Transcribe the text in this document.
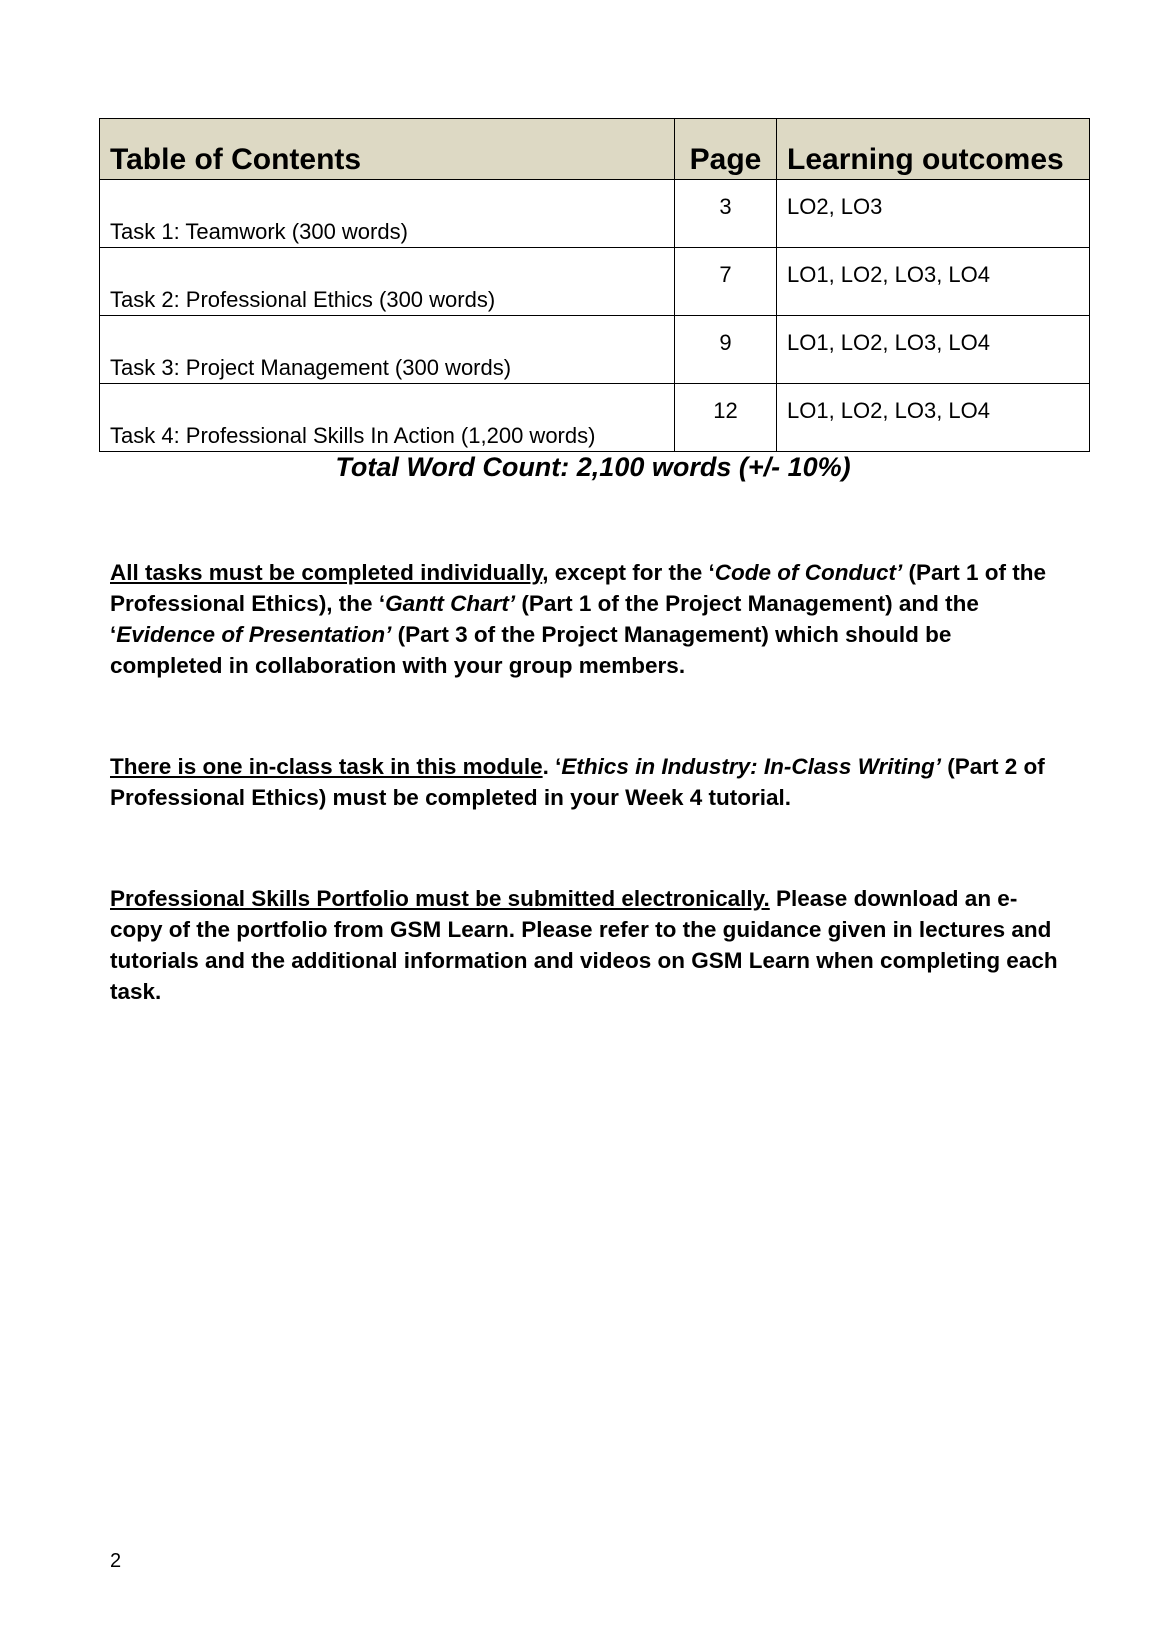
Table of Contents	Page	Learning outcomes
Task 1: Teamwork (300 words)	3	LO2, LO3
Task 2: Professional Ethics (300 words)	7	LO1, LO2, LO3, LO4
Task 3: Project Management (300 words)	9	LO1, LO2, LO3, LO4
Task 4: Professional Skills In Action (1,200 words)	12	LO1, LO2, LO3, LO4
Total Word Count: 2,100 words (+/- 10%)

All tasks must be completed individually, except for the ‘Code of Conduct’ (Part 1 of the Professional Ethics), the ‘Gantt Chart’ (Part 1 of the Project Management) and the ‘Evidence of Presentation’ (Part 3 of the Project Management) which should be completed in collaboration with your group members.

There is one in-class task in this module. ‘Ethics in Industry: In-Class Writing’ (Part 2 of Professional Ethics) must be completed in your Week 4 tutorial.

Professional Skills Portfolio must be submitted electronically. Please download an e-copy of the portfolio from GSM Learn. Please refer to the guidance given in lectures and tutorials and the additional information and videos on GSM Learn when completing each task.

2
